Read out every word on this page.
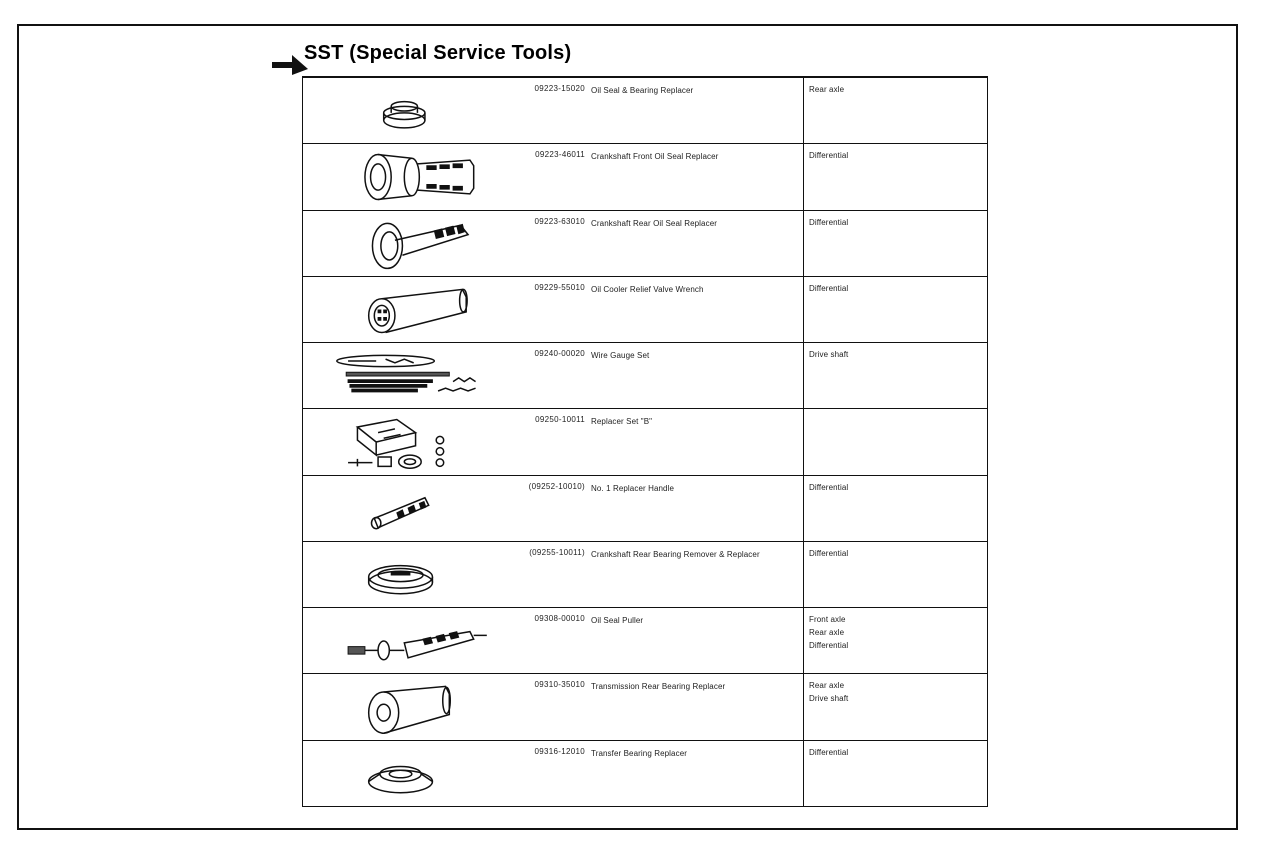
SST (Special Service Tools)
09223-15020 Oil Seal & Bearing Replacer	Rear axle

09223-46011 Crankshaft Front Oil Seal Replacer	Differential

09223-63010 Crankshaft Rear Oil Seal Replacer	Differential

09229-55010 Oil Cooler Relief Valve Wrench	Differential

09240-00020 Wire Gauge Set	Drive shaft

09250-10011 Replacer Set "B"	

(09252-10010) No. 1 Replacer Handle	Differential

(09255-10011) Crankshaft Rear Bearing Remover & Replacer	Differential

09308-00010 Oil Seal Puller	Front axle
Rear axle
Differential

09310-35010 Transmission Rear Bearing Replacer	Rear axle
Drive shaft

09316-12010 Transfer Bearing Replacer	Differential
